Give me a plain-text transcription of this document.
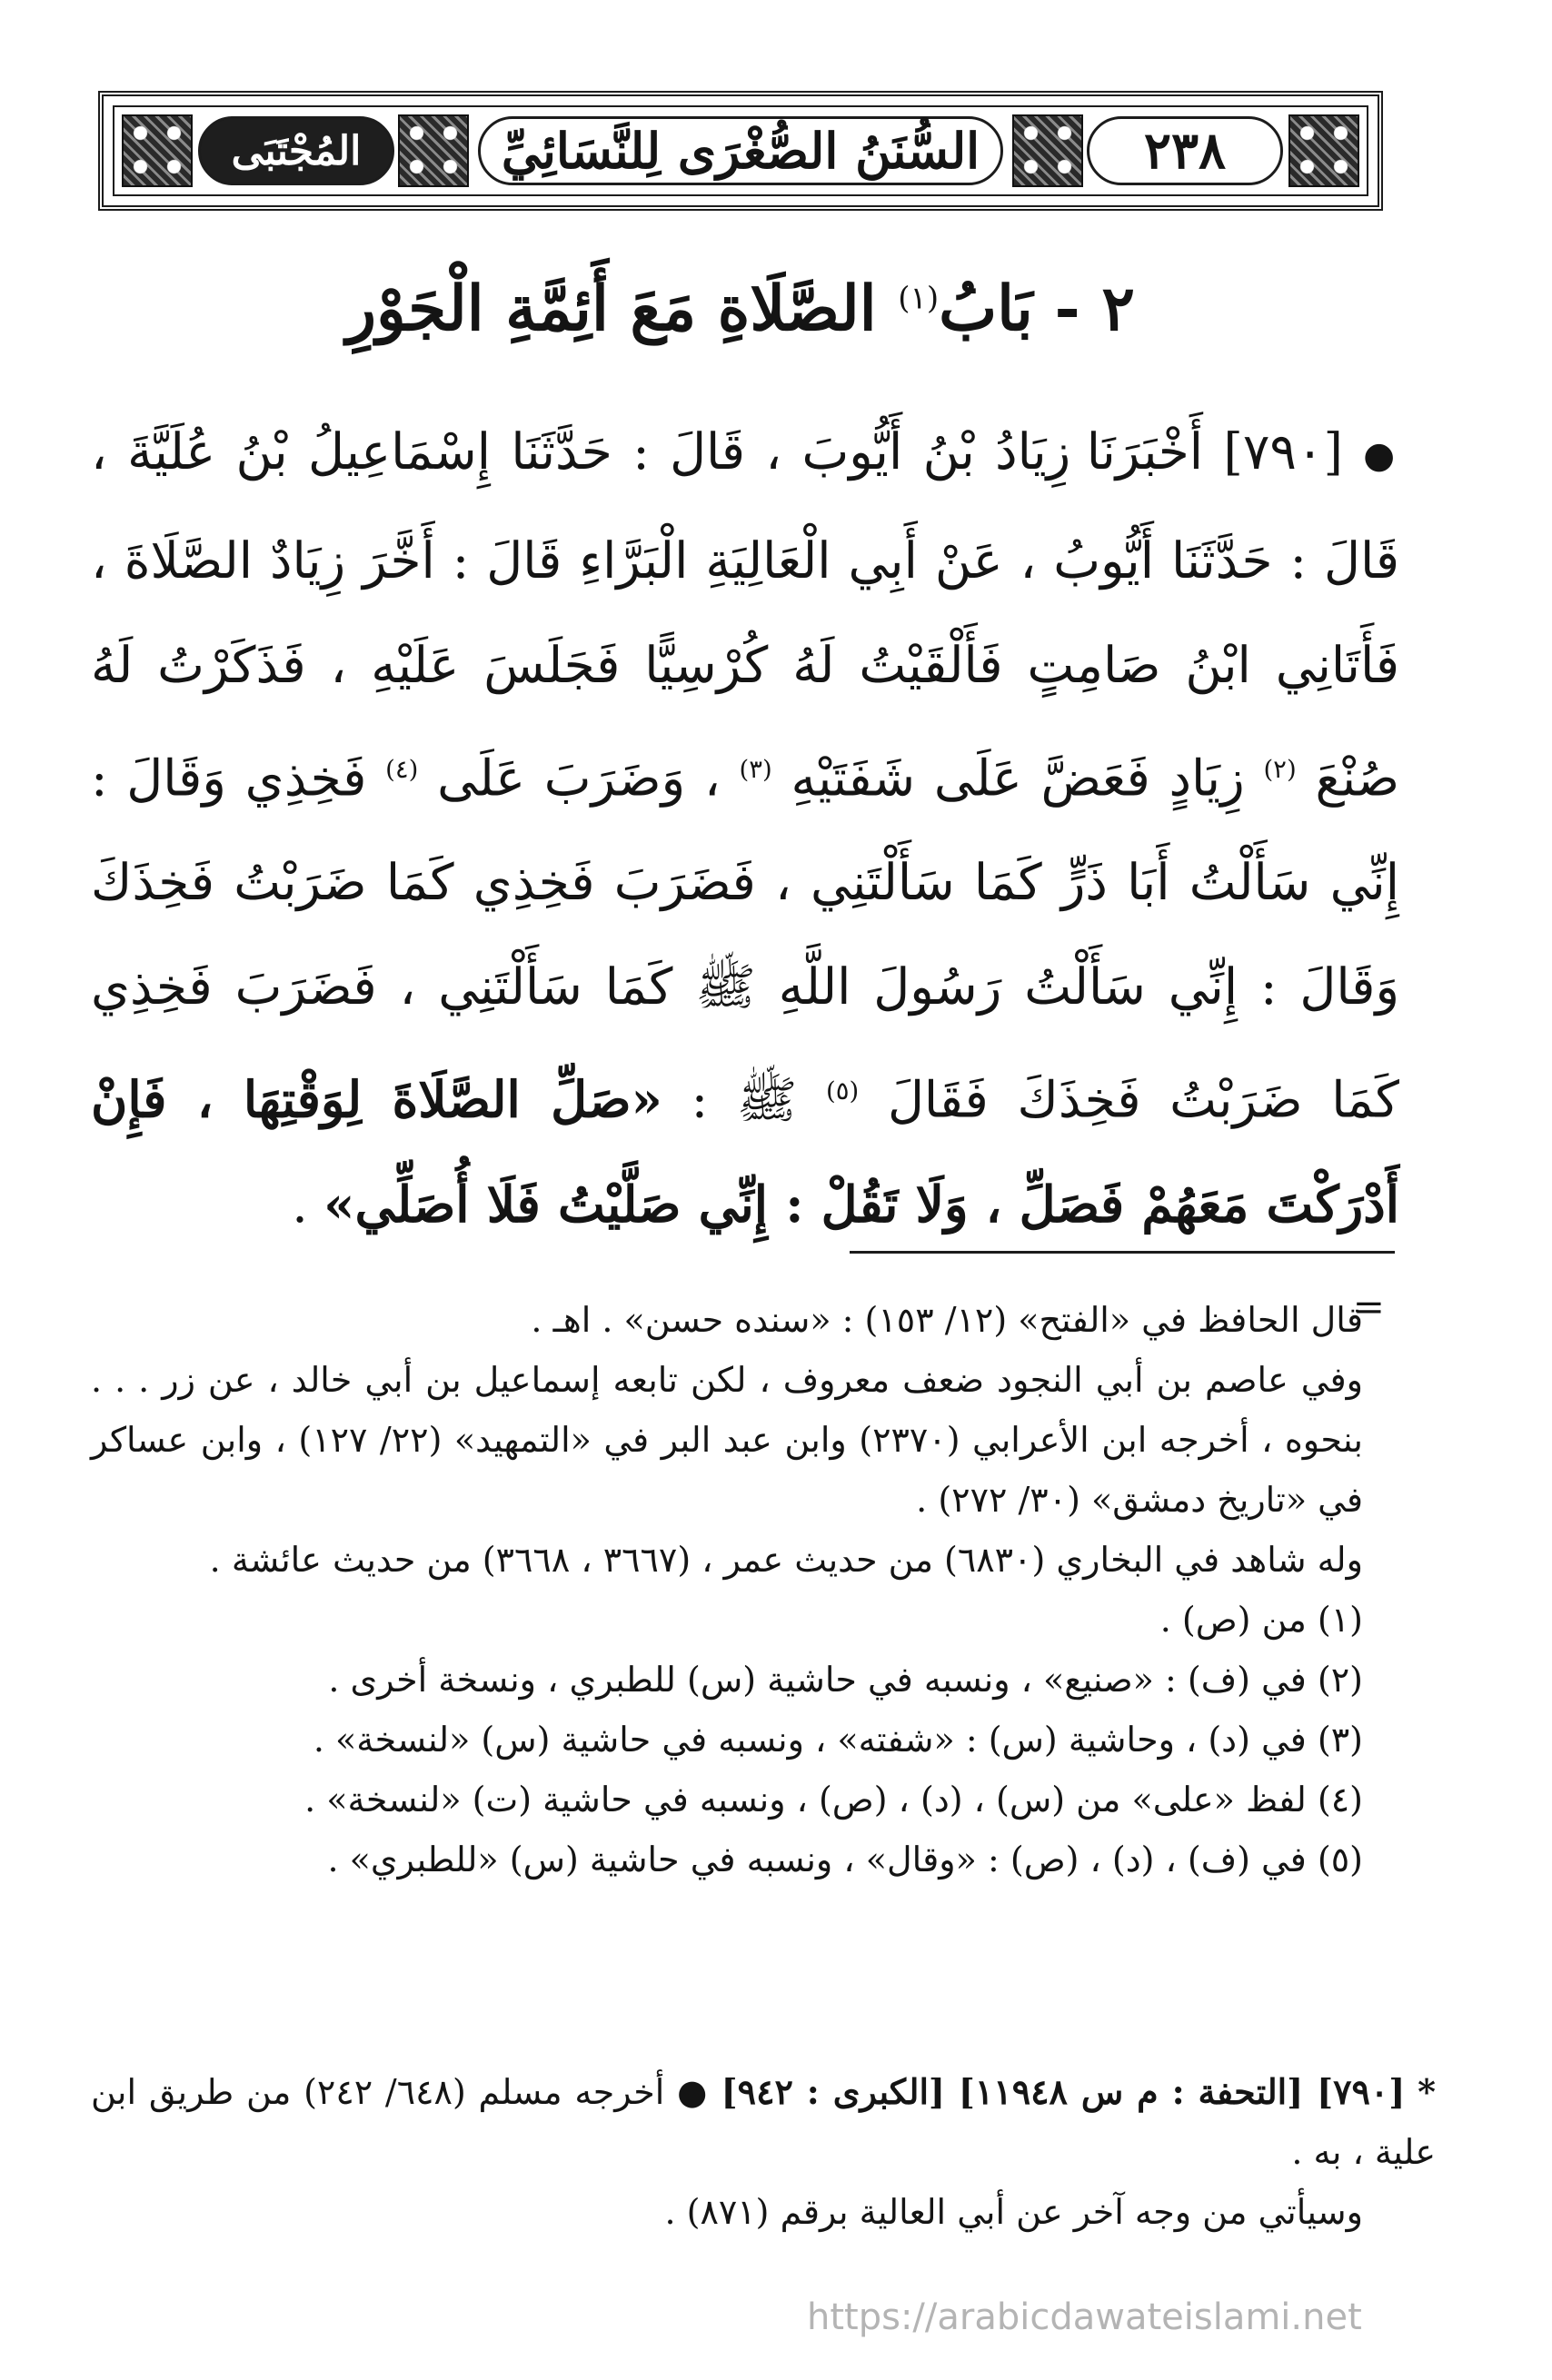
المُجْتَبَى	السُّنَنُ الصُّغْرَى لِلنَّسَائِيِّ	٢٣٨
٢ - بَابُ$^{(١)}$ الصَّلَاةِ مَعَ أَئِمَّةِ الْجَوْرِ
● [٧٩٠] أَخْبَرَنَا زِيَادُ بْنُ أَيُّوبَ ، قَالَ : حَدَّثَنَا إِسْمَاعِيلُ بْنُ عُلَيَّةَ ، قَالَ : حَدَّثَنَا أَيُّوبُ ، عَنْ أَبِي الْعَالِيَةِ الْبَرَّاءِ قَالَ : أَخَّرَ زِيَادٌ الصَّلَاةَ ، فَأَتَانِي ابْنُ صَامِتٍ فَأَلْقَيْتُ لَهُ كُرْسِيًّا فَجَلَسَ عَلَيْهِ ، فَذَكَرْتُ لَهُ صُنْعَ $^{(٢)}$ زِيَادٍ فَعَضَّ عَلَى شَفَتَيْهِ $^{(٣)}$ ، وَضَرَبَ عَلَى $^{(٤)}$ فَخِذِي وَقَالَ : إِنِّي سَأَلْتُ أَبَا ذَرٍّ كَمَا سَأَلْتَنِي ، فَضَرَبَ فَخِذِي كَمَا ضَرَبْتُ فَخِذَكَ وَقَالَ : إِنِّي سَأَلْتُ رَسُولَ اللَّهِ ﷺ كَمَا سَأَلْتَنِي ، فَضَرَبَ فَخِذِي كَمَا ضَرَبْتُ فَخِذَكَ فَقَالَ $^{(٥)}$ ﷺ : «صَلِّ الصَّلَاةَ لِوَقْتِهَا ، فَإِنْ أَدْرَكْتَ مَعَهُمْ فَصَلِّ ، وَلَا تَقُلْ : إِنِّي صَلَّيْتُ فَلَا أُصَلِّي» .
=

قال الحافظ في «الفتح» (١٢/ ١٥٣) : «سنده حسن» . اهـ .

وفي عاصم بن أبي النجود ضعف معروف ، لكن تابعه إسماعيل بن أبي خالد ، عن زر . . . بنحوه ، أخرجه ابن الأعرابي (٢٣٧٠) وابن عبد البر في «التمهيد» (٢٢/ ١٢٧) ، وابن عساكر في «تاريخ دمشق» (٣٠/ ٢٧٢) .

وله شاهد في البخاري (٦٨٣٠) من حديث عمر ، (٣٦٦٧ ، ٣٦٦٨) من حديث عائشة .

(١) من (ص) .

(٢) في (ف) : «صنيع» ، ونسبه في حاشية (س) للطبري ، ونسخة أخرى .

(٣) في (د) ، وحاشية (س) : «شفته» ، ونسبه في حاشية (س) «لنسخة» .

(٤) لفظ «على» من (س) ، (د) ، (ص) ، ونسبه في حاشية (ت) «لنسخة» .

(٥) في (ف) ، (د) ، (ص) : «وقال» ، ونسبه في حاشية (س) «للطبري» .

* [٧٩٠] [التحفة : م س ١١٩٤٨] [الكبرى : ٩٤٢] ● أخرجه مسلم (٦٤٨/ ٢٤٢) من طريق ابن علية ، به .

وسيأتي من وجه آخر عن أبي العالية برقم (٨٧١) .

https://arabicdawateislami.net
